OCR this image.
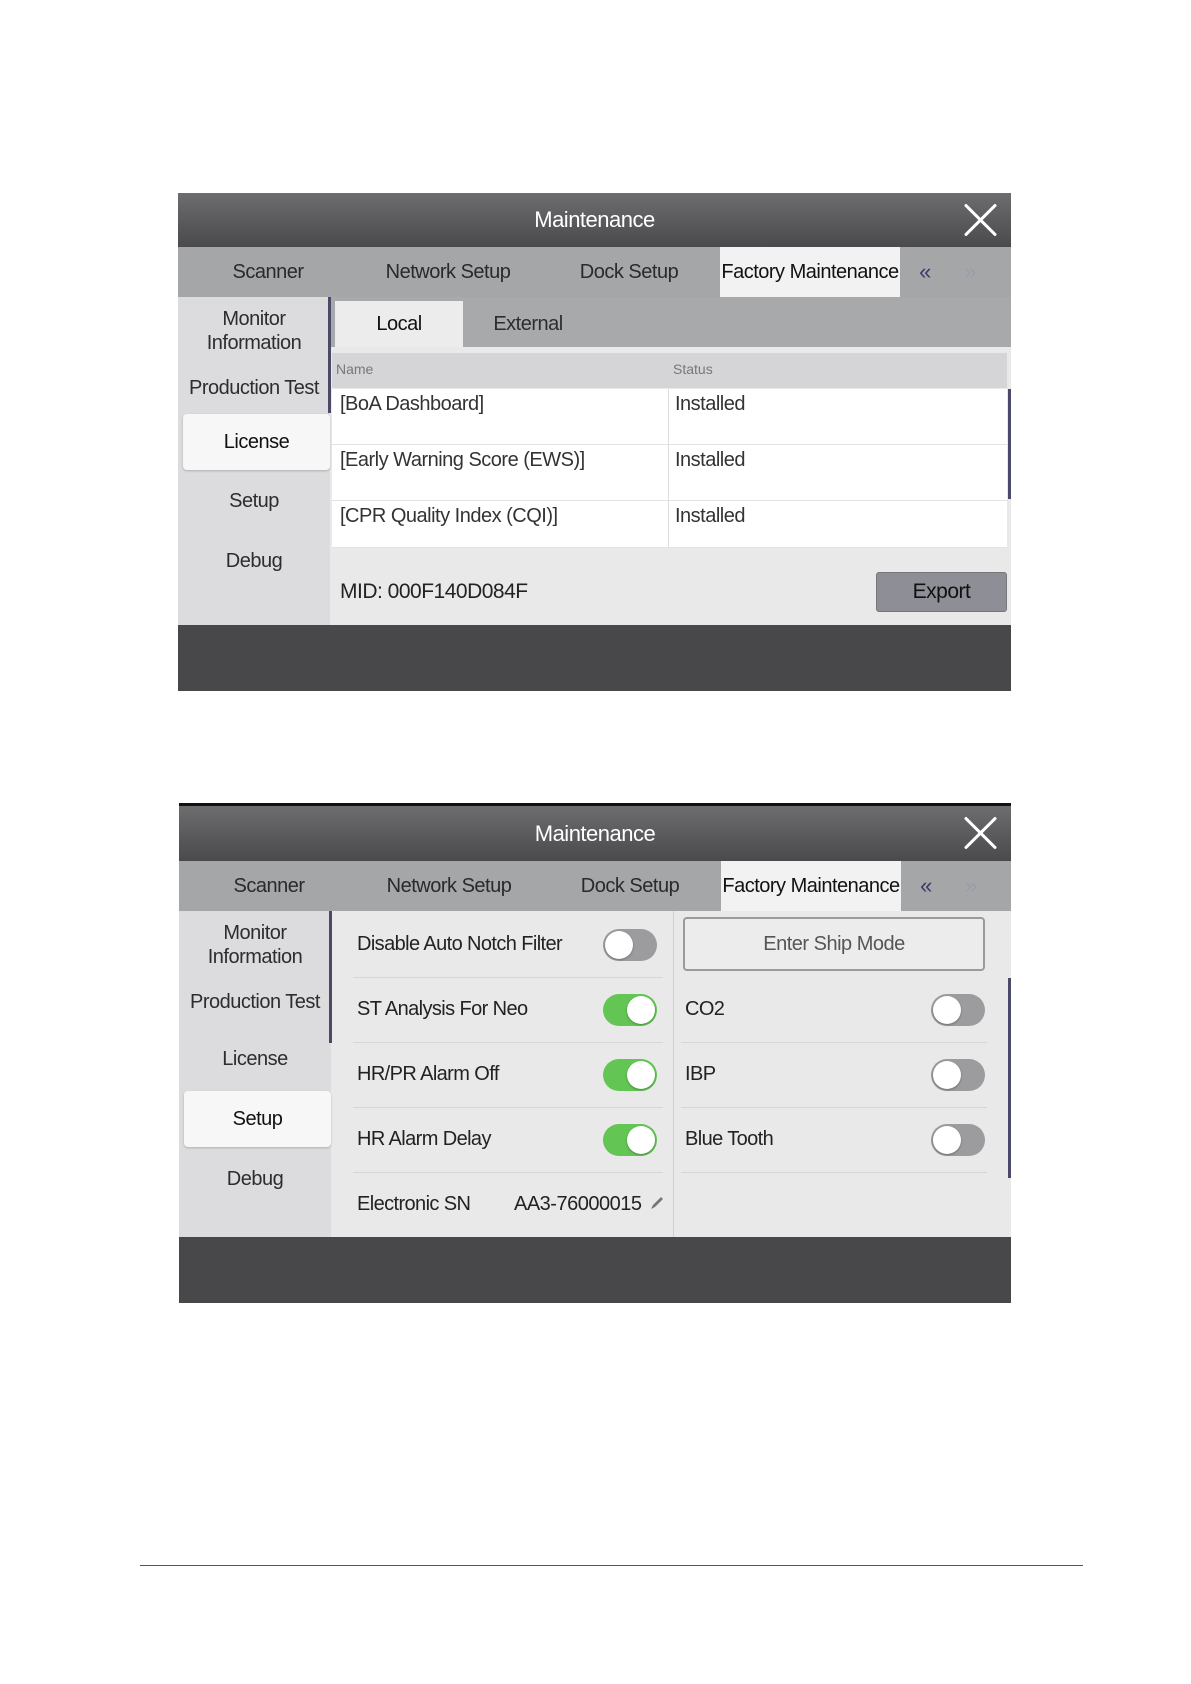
Maintenance
Scanner	Network Setup	Dock Setup	Factory Maintenance «	»
Monitor Information
Production Test
License
Setup
Debug
Local	External
Name	Status
[BoA Dashboard]	Installed
[Early Warning Score (EWS)]	Installed
[CPR Quality Index (CQI)]	Installed
MID: 000F140D084F	Export
Maintenance
Scanner	Network Setup	Dock Setup	Factory Maintenance «	»
Monitor Information
Production Test
License
Setup
Debug
Disable Auto Notch Filter
ST Analysis For Neo
HR/PR Alarm Off
HR Alarm Delay
Electronic SN AA3-76000015
Enter Ship Mode
CO2
IBP
Blue Tooth
